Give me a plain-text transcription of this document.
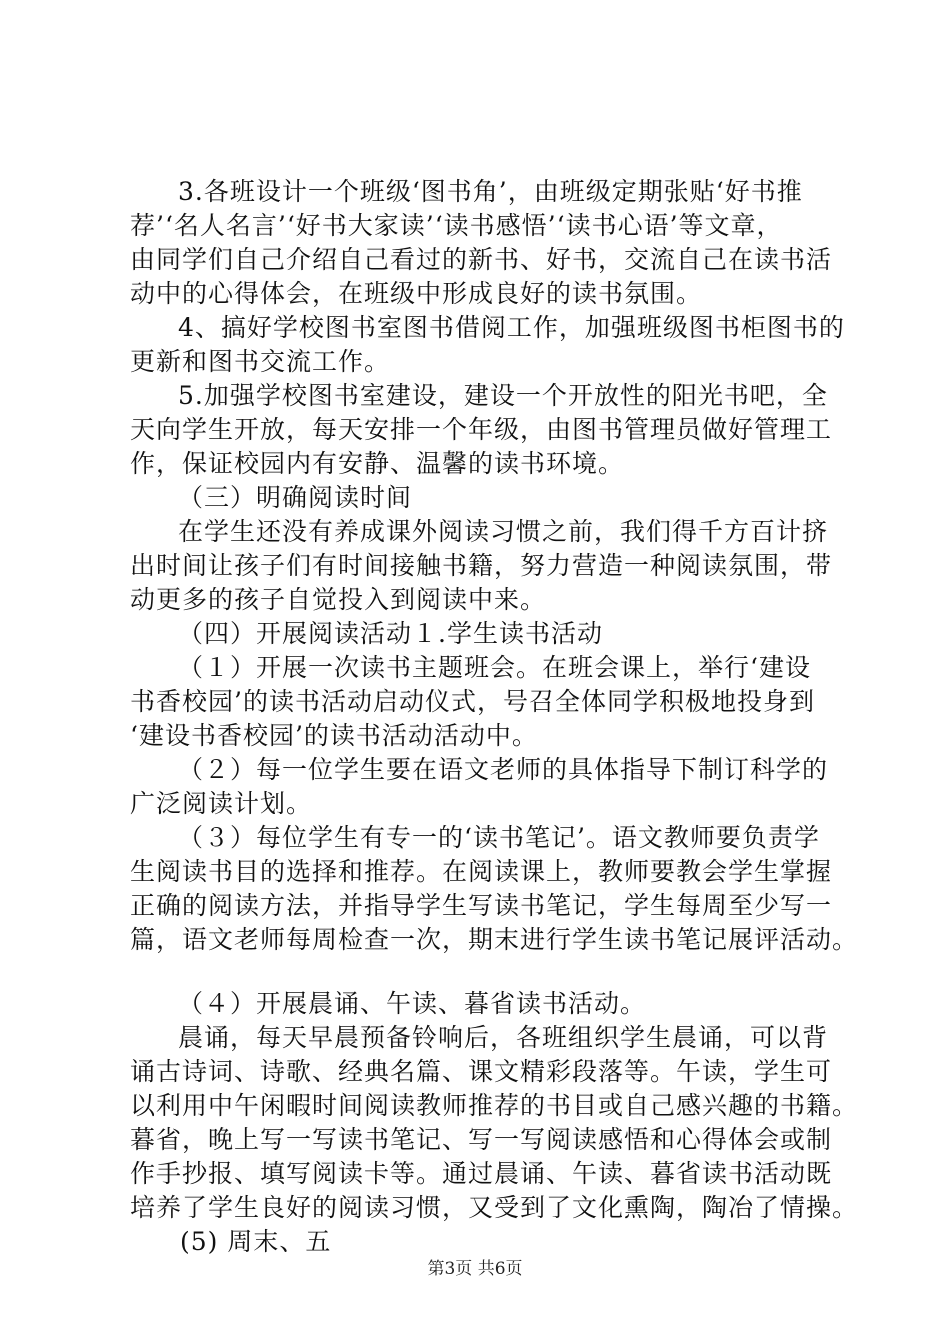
3.各班设计一个班级‘图书角’，由班级定期张贴‘好书推
荐’‘名人名言’‘好书大家读’‘读书感悟’‘读书心语’等文章，
由同学们自己介绍自己看过的新书、好书，交流自己在读书活
动中的心得体会，在班级中形成良好的读书氛围。
4、搞好学校图书室图书借阅工作，加强班级图书柜图书的
更新和图书交流工作。
5.加强学校图书室建设，建设一个开放性的阳光书吧，全
天向学生开放，每天安排一个年级，由图书管理员做好管理工
作，保证校园内有安静、温馨的读书环境。
（三）明确阅读时间
在学生还没有养成课外阅读习惯之前，我们得千方百计挤
出时间让孩子们有时间接触书籍，努力营造一种阅读氛围，带
动更多的孩子自觉投入到阅读中来。
（四）开展阅读活动１.学生读书活动
（１）开展一次读书主题班会。在班会课上，举行‘建设
书香校园’的读书活动启动仪式，号召全体同学积极地投身到
‘建设书香校园’的读书活动活动中。
（２）每一位学生要在语文老师的具体指导下制订科学的
广泛阅读计划。
（３）每位学生有专一的‘读书笔记’。语文教师要负责学
生阅读书目的选择和推荐。在阅读课上，教师要教会学生掌握
正确的阅读方法，并指导学生写读书笔记，学生每周至少写一
篇，语文老师每周检查一次，期末进行学生读书笔记展评活动。
（４）开展晨诵、午读、暮省读书活动。
晨诵，每天早晨预备铃响后，各班组织学生晨诵，可以背
诵古诗词、诗歌、经典名篇、课文精彩段落等。午读，学生可
以利用中午闲暇时间阅读教师推荐的书目或自己感兴趣的书籍。
暮省，晚上写一写读书笔记、写一写阅读感悟和心得体会或制
作手抄报、填写阅读卡等。通过晨诵、午读、暮省读书活动既
培养了学生良好的阅读习惯，又受到了文化熏陶，陶冶了情操。
(5) 周末、五
第3页 共6页
